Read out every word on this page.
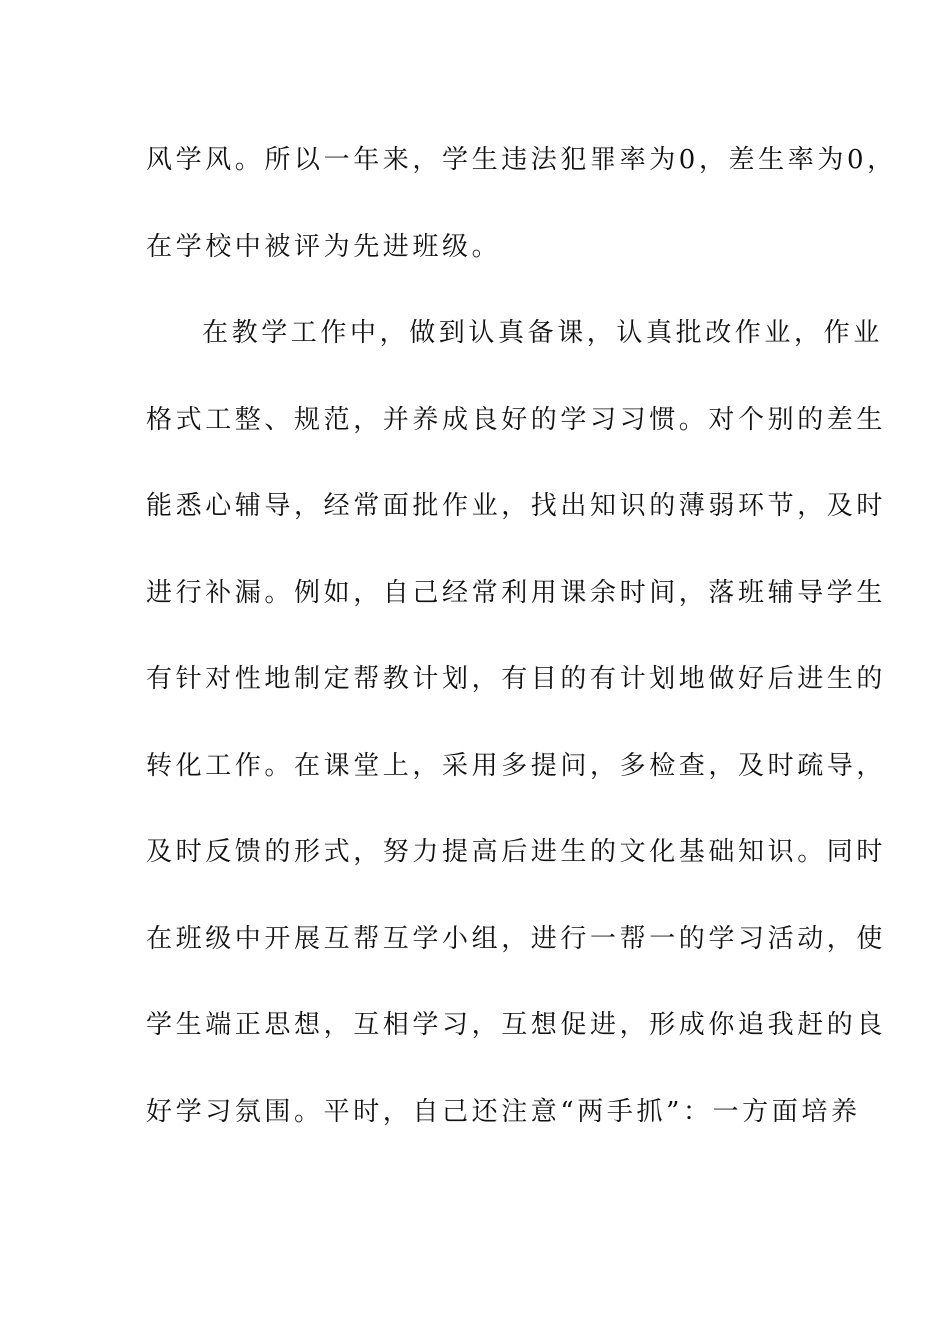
风学风。所以一年来，学生违法犯罪率为0，差生率为0，
在学校中被评为先进班级。
在教学工作中，做到认真备课，认真批改作业，作业
格式工整、规范，并养成良好的学习习惯。对个别的差生
能悉心辅导，经常面批作业，找出知识的薄弱环节，及时
进行补漏。例如，自己经常利用课余时间，落班辅导学生
有针对性地制定帮教计划，有目的有计划地做好后进生的
转化工作。在课堂上，采用多提问，多检查，及时疏导，
及时反馈的形式，努力提高后进生的文化基础知识。同时
在班级中开展互帮互学小组，进行一帮一的学习活动，使
学生端正思想，互相学习，互想促进，形成你追我赶的良
好学习氛围。平时，自己还注意“两手抓”：一方面培养
